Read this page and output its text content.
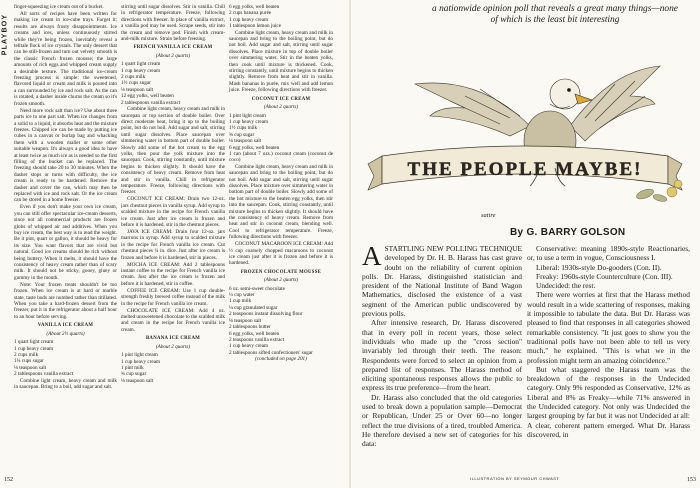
PLAYBOY

finger-squeezing ice cream out of a bucket.

All sorts of recipes have been written for making ice cream in ice-cube trays. Forget it; results are always frosty disappointments. Ice creams and ices, unless continuously stirred while they're being frozen, inevitably reveal a telltale flock of ice crystals. The only dessert that can be still-frozen and turn out velvety smooth is the classic French frozen mousse; the large amounts of rich eggs and whipped cream supply a desirable texture. The traditional ice-cream freezing process is simple: the sweetened, flavored liquid or cream and milk is poured into a can surrounded by ice and rock salt. As the can is rotated, a dasher inside churns the cream so it's frozen smooth.

Need more rock salt than ice? Use about three parts ice to one part salt. When ice changes from a solid to a liquid, it absorbs heat and the mixture freezes. Chipped ice can be made by putting ice cubes in a canvas or burlap bag and whacking them with a wooden mallet or some other suitable weapon. It's always a good idea to have at least twice as much ice as is needed so the first filling of the bucket can be replaced. The freezing should take 20 to 30 minutes. When the dasher stops or turns with difficulty, the ice cream is ready to be hardened. Remove the dasher and cover the can, which may then be replaced with ice and rock salt. Or the ice cream can be stored in a home freezer.

Even if you don't make your own ice cream, you can still offer spectacular ice-cream desserts, since not all commercial products are frozen globs of whipped air and additives. When you buy ice cream, the best way is to read the weight. Be it pint, quart or gallon, it should be heavy for its size. You want flavors that are vivid but natural. Good ice creams should be rich without being buttery. When it melts, it should have the consistency of heavy cream rather than of scary milk. It should not be sticky, gooey, gluey or gummy in the mouth.

Note: Your frozen treats shouldn't be too frozen. When ice cream is at hard or marble state, taste buds are numbed rather than titillated. When you take a hard-frozen dessert from the freezer, put it in the refrigerator about a half hour to an hour before serving.

VANILLA ICE CREAM
(About 2½ quarts)
1 quart light cream
1 cup heavy cream
2 cups milk
1¼ cups sugar
⅛ teaspoon salt
2 tablespoons vanilla extract

Combine light cream, heavy cream and milk in saucepan. Bring to a boil, add sugar and salt.

stirring until sugar dissolves. Stir in vanilla. Chill in refrigerator temperature. Freeze, following directions with freezer. In place of vanilla extract, a vanilla pod may be used. Scrape seeds, stir into the cream and remove pod. Finish with cream-and-milk mixture. Strain before freezing.

FRENCH VANILLA ICE CREAM
(About 2 quarts)
1 quart light cream
1 cup heavy cream
2 cups milk
1½ cups sugar
⅛ teaspoon salt
12 egg yolks, well beaten
2 tablespoons vanilla extract

Combine light cream, heavy cream and milk in saucepan or top section of double boiler. Over direct moderate heat, bring it up to the boiling point, but do not boil. Add sugar and salt, stirring until sugar dissolves. Place saucepan over simmering water in bottom part of double boiler. Slowly add some of the hot cream to the egg yolks, then pour the yolk mixture into the saucepan. Cook, stirring constantly, until mixture begins to thicken slightly. It should have the consistency of heavy cream. Remove from heat and stir in vanilla. Chill in refrigerator temperature. Freeze, following directions with freezer.

COCONUT ICE CREAM: Drain two 12-oz. jars chestnut pieces in vanilla syrup. Add syrup to scalded mixture in the recipe for French vanilla ice cream. Just after ice cream is frozen and before it is hardened, stir in the chestnut pieces.

JAVA ICE CREAM: Drain four 12-oz. jars marrons in syrup. Add syrup to scalded mixture in the recipe for French vanilla ice cream. Cut chestnut pieces ¼ in. dice. Just after ice cream is frozen and before it is hardened, stir in pieces.

MOCHA ICE CREAM: Add 2 tablespoons instant coffee to the recipe for French vanilla ice cream. Just after the ice cream is frozen and before it is hardened, stir in coffee.

COFFEE ICE CREAM: Use 1 cup double-strength freshly brewed coffee instead of the milk in the recipe for French vanilla ice cream.

CHOCOLATE ICE CREAM: Add 4 oz. melted unsweetened chocolate to the scalded milk and cream in the recipe for French vanilla ice cream.

BANANA ICE CREAM
(About 2 quarts)
1 pint light cream
1 cup heavy cream
1 pint milk
¾ cup sugar
⅛ teaspoon salt
6 egg yolks, well beaten
2 cups banana purée
1 cup heavy cream
1 tablespoon lemon juice

Combine light cream, heavy cream and milk in saucepan and bring to the boiling point, but do not boil. Add sugar and salt, stirring until sugar dissolves. Place mixture in top of double boiler over simmering water. Stir in the beaten yolks, then cook until mixture is thickened. Cook, stirring constantly, until mixture begins to thicken slightly. Remove from heat and stir in vanilla. Mash bananas in purée, mix well and add lemon juice. Freeze, following directions with freezer.

COCONUT ICE CREAM
(About 2 quarts)
1 pint light cream
1 cup heavy cream
1½ cups milk
¾ cup sugar
⅛ teaspoon salt
6 egg yolks, well beaten
1 can (about 7 ozs.) coconut cream (coconut de coco)

Combine light cream, heavy cream and milk in saucepan and bring to the boiling point, but do not boil. Add sugar and salt, stirring until sugar dissolves. Place mixture over simmering water in bottom part of double boiler. Slowly add some of the hot mixture to the beaten egg yolks, then stir into the saucepan. Cook, stirring constantly, until mixture begins to thicken slightly. It should have the consistency of heavy cream. Remove from heat and stir in coconut cream, blending well. Cool to refrigerator temperature. Freeze, following directions with freezer.

COCONUT MACAROON ICE CREAM: Add ½ cup coarsely chopped macaroons to coconut ice cream just after it is frozen and before it is hardened.

FROZEN CHOCOLATE MOUSSE
(About 2 quarts)
6 oz. semi-sweet chocolate
¼ cup water
1 cup milk
¼ cup granulated sugar
2 teaspoons instant dissolving flour
⅛ teaspoon salt
2 tablespoons butter
6 egg yolks, well beaten
2 teaspoons vanilla extract
1 cup heavy cream
2 tablespoons sifted confectioners' sugar
(concluded on page 201)
152	153
a nationwide opinion poll that reveals a great many things—none of which is the least bit interesting
THE PEOPLE MAYBE!
satire
By G. BARRY GOLSON

ASTARTLING NEW POLLING TECHNIQUE developed by Dr. H. B. Harass has cast grave doubt on the reliability of current opinion polls. Dr. Harass, distinguished statistician and president of the National Institute of Band Wagon Mathematics, disclosed the existence of a vast segment of the American public undiscovered by previous polls.

After intensive research, Dr. Harass discovered that in every poll in recent years, those select individuals who made up the "cross section" invariably led through their teeth. The reason: Respondents were forced to select an opinion from a prepared list of responses. The Harass method of eliciting spontaneous responses allows the public to express its true preference—from the heart.

Dr. Harass also concluded that the old categories used to break down a population sample—Democrat or Republican, Under 25 or Over 60—no longer reflect the true divisions of a tired, troubled America. He therefore devised a new set of categories for his data:

Conservative: meaning 1890s-style Reactionaries, or, to use a term in vogue, Consciousness I.

Liberal: 1930s-style Do-gooders (Con. II).

Freaky: 1960s-style Counterculture (Con. III).

Undecided: the rest.

There were worries at first that the Harass method would result in a wide scattering of responses, making it impossible to tabulate the data. But Dr. Harass was pleased to find that responses in all categories showed remarkable consistency. "It just goes to show you the traditional polls have not been able to tell us very much," he explained. "This is what we in the profession might term an amazing coincidence."

But what staggered the Harass team was the breakdown of the responses in the Undecided category. Only 9% responded as Conservative, 12% as Liberal and 8% as Freaky—while 71% answered in the Undecided category. Not only was Undecided the largest grouping by far but it was not Undecided at all: A clear, coherent pattern emerged. What Dr. Harass discovered, in

ILLUSTRATION BY SEYMOUR CHWAST
